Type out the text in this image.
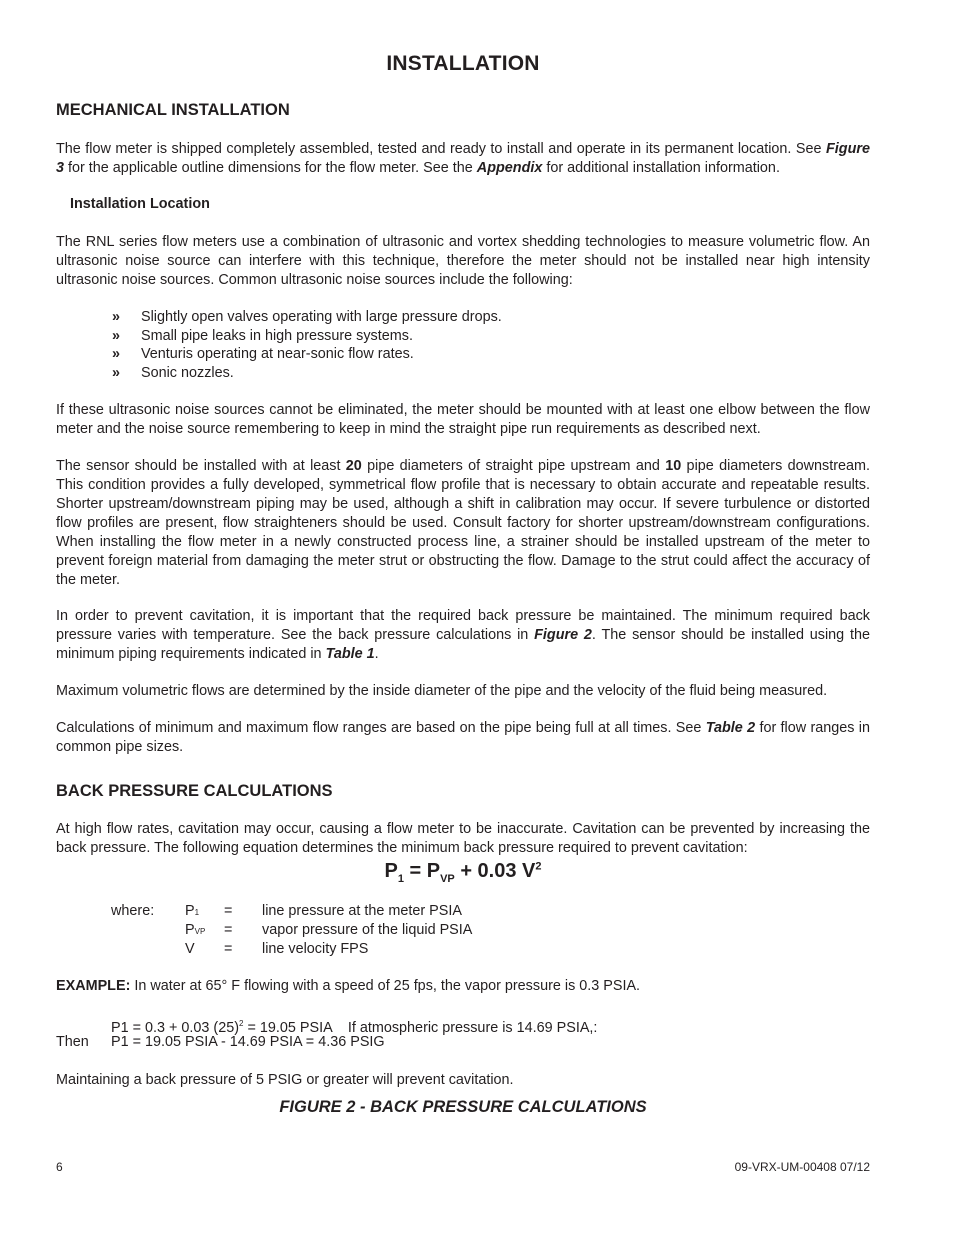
INSTALLATION
MECHANICAL INSTALLATION

The flow meter is shipped completely assembled, tested and ready to install and operate in its permanent location. See Figure 3 for the applicable outline dimensions for the flow meter. See the Appendix for additional installation information.

Installation Location

The RNL series flow meters use a combination of ultrasonic and vortex shedding technologies to measure volumetric flow. An ultrasonic noise source can interfere with this technique, therefore the meter should not be installed near high intensity ultrasonic noise sources. Common ultrasonic noise sources include the following:

» Slightly open valves operating with large pressure drops.
» Small pipe leaks in high pressure systems.
» Venturis operating at near-sonic flow rates.
» Sonic nozzles.

If these ultrasonic noise sources cannot be eliminated, the meter should be mounted with at least one elbow between the flow meter and the noise source remembering to keep in mind the straight pipe run requirements as described next.

The sensor should be installed with at least 20 pipe diameters of straight pipe upstream and 10 pipe diameters downstream. This condition provides a fully developed, symmetrical flow profile that is necessary to obtain accurate and repeatable results. Shorter upstream/downstream piping may be used, although a shift in calibration may occur. If severe turbulence or distorted flow profiles are present, flow straighteners should be used. Consult factory for shorter upstream/downstream configurations. When installing the flow meter in a newly constructed process line, a strainer should be installed upstream of the meter to prevent foreign material from damaging the meter strut or obstructing the flow. Damage to the strut could affect the accuracy of the meter.

In order to prevent cavitation, it is important that the required back pressure be maintained. The minimum required back pressure varies with temperature. See the back pressure calculations in Figure 2. The sensor should be installed using the minimum piping requirements indicated in Table 1.

Maximum volumetric flows are determined by the inside diameter of the pipe and the velocity of the fluid being measured.

Calculations of minimum and maximum flow ranges are based on the pipe being full at all times. See Table 2 for flow ranges in common pipe sizes.

BACK PRESSURE CALCULATIONS

At high flow rates, cavitation may occur, causing a flow meter to be inaccurate. Cavitation can be prevented by increasing the back pressure. The following equation determines the minimum back pressure required to prevent cavitation:

$P_1 = P_{VP} + 0.03$ $V^2$
where: P1 = line pressure at the meter PSIA
PVP = vapor pressure of the liquid PSIA
V = line velocity FPS
EXAMPLE: In water at 65° F flowing with a speed of 25 fps, the vapor pressure is 0.3 PSIA.
P1 = 0.3 + 0.03 $(25)^2 = 19.05$ PSIA    If atmospheric pressure is 14.69 PSIA,:
Then P1 = 19.05 PSIA - 14.69 PSIA = 4.36 PSIG
Maintaining a back pressure of 5 PSIG or greater will prevent cavitation.
FIGURE 2 - BACK PRESSURE CALCULATIONS
6	09-VRX-UM-00408 07/12
